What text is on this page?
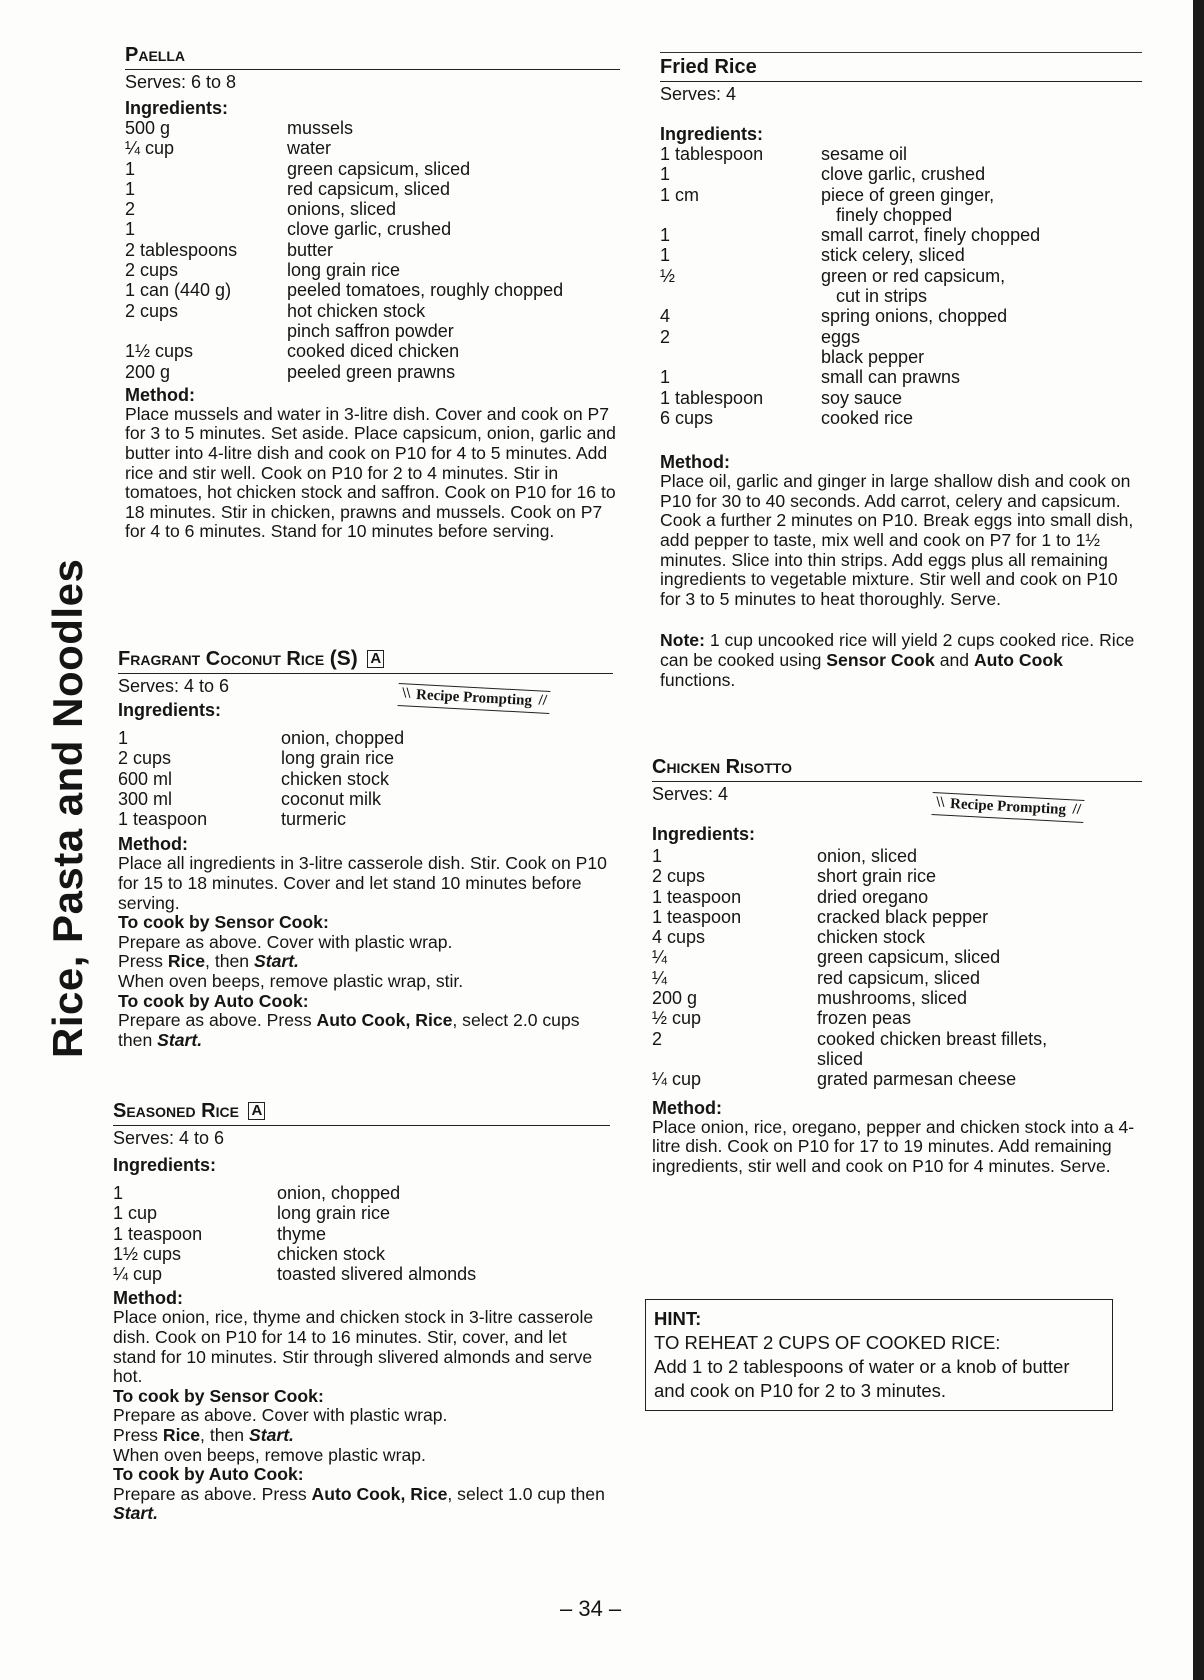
Rice, Pasta and Noodles
Paella
Serves: 6 to 8
Ingredients:
500 g	mussels
¼ cup	water
1	green capsicum, sliced
1	red capsicum, sliced
2	onions, sliced
1	clove garlic, crushed
2 tablespoons	butter
2 cups	long grain rice
1 can (440 g)	peeled tomatoes, roughly chopped
2 cups	hot chicken stock
pinch saffron powder
1½ cups	cooked diced chicken
200 g	peeled green prawns
Method:

Place mussels and water in 3-litre dish. Cover and cook on P7 for 3 to 5 minutes. Set aside. Place capsicum, onion, garlic and butter into 4-litre dish and cook on P10 for 4 to 5 minutes. Add rice and stir well. Cook on P10 for 2 to 4 minutes. Stir in tomatoes, hot chicken stock and saffron. Cook on P10 for 16 to 18 minutes. Stir in chicken, prawns and mussels. Cook on P7 for 4 to 6 minutes. Stand for 10 minutes before serving.

Fragrant Coconut Rice (S) A
\\ Recipe Prompting //
Serves: 4 to 6
Ingredients:
1	onion, chopped
2 cups	long grain rice
600 ml	chicken stock
300 ml	coconut milk
1 teaspoon	turmeric
Method:

Place all ingredients in 3-litre casserole dish. Stir. Cook on P10 for 15 to 18 minutes. Cover and let stand 10 minutes before serving.

To cook by Sensor Cook:

Prepare as above. Cover with plastic wrap.

Press Rice, then Start.

When oven beeps, remove plastic wrap, stir.

To cook by Auto Cook:

Prepare as above. Press Auto Cook, Rice, select 2.0 cups then Start.

Seasoned Rice A
Serves: 4 to 6
Ingredients:
1	onion, chopped
1 cup	long grain rice
1 teaspoon	thyme
1½ cups	chicken stock
¼ cup	toasted slivered almonds
Method:

Place onion, rice, thyme and chicken stock in 3-litre casserole dish. Cook on P10 for 14 to 16 minutes. Stir, cover, and let stand for 10 minutes. Stir through slivered almonds and serve hot.

To cook by Sensor Cook:

Prepare as above. Cover with plastic wrap.

Press Rice, then Start.

When oven beeps, remove plastic wrap.

To cook by Auto Cook:

Prepare as above. Press Auto Cook, Rice, select 1.0 cup then Start.

Fried Rice
Serves: 4
Ingredients:
1 tablespoon	sesame oil
1	clove garlic, crushed
1 cm	piece of green ginger,
finely chopped
1	small carrot, finely chopped
1	stick celery, sliced
½	green or red capsicum,
cut in strips
4	spring onions, chopped
2	eggs
black pepper
1	small can prawns
1 tablespoon	soy sauce
6 cups	cooked rice
Method:

Place oil, garlic and ginger in large shallow dish and cook on P10 for 30 to 40 seconds. Add carrot, celery and capsicum. Cook a further 2 minutes on P10. Break eggs into small dish, add pepper to taste, mix well and cook on P7 for 1 to 1½ minutes. Slice into thin strips. Add eggs plus all remaining ingredients to vegetable mixture. Stir well and cook on P10 for 3 to 5 minutes to heat thoroughly. Serve.

Note: 1 cup uncooked rice will yield 2 cups cooked rice. Rice can be cooked using Sensor Cook and Auto Cook functions.

Chicken Risotto
\\ Recipe Prompting //
Serves: 4
Ingredients:
1	onion, sliced
2 cups	short grain rice
1 teaspoon	dried oregano
1 teaspoon	cracked black pepper
4 cups	chicken stock
¼	green capsicum, sliced
¼	red capsicum, sliced
200 g	mushrooms, sliced
½ cup	frozen peas
2	cooked chicken breast fillets,
sliced
¼ cup	grated parmesan cheese
Method:

Place onion, rice, oregano, pepper and chicken stock into a 4-litre dish. Cook on P10 for 17 to 19 minutes. Add remaining ingredients, stir well and cook on P10 for 4 minutes. Serve.

HINT:
TO REHEAT 2 CUPS OF COOKED RICE:
Add 1 to 2 tablespoons of water or a knob of butter and cook on P10 for 2 to 3 minutes.
– 34 –
